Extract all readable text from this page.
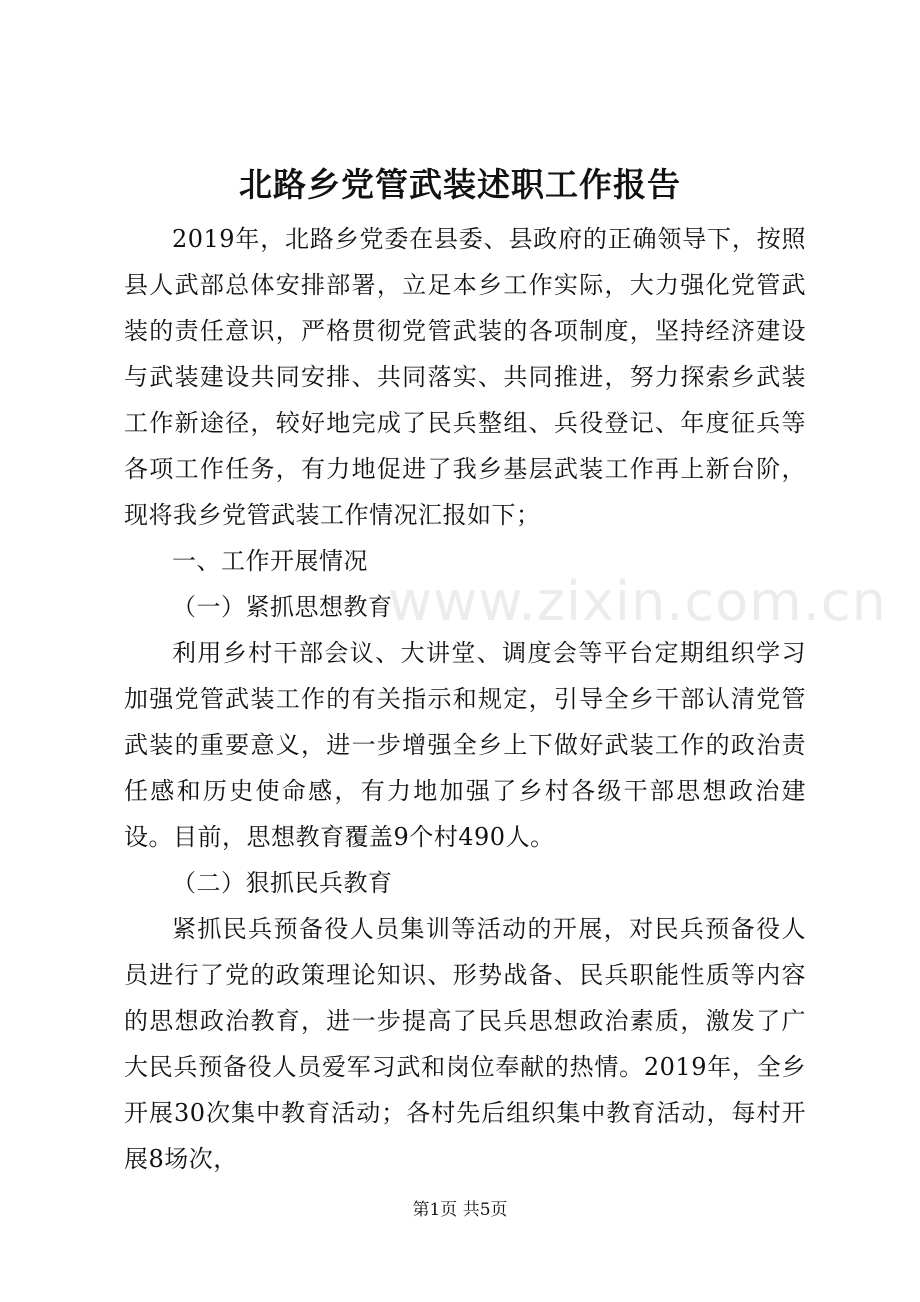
北路乡党管武装述职工作报告

2019年，北路乡党委在县委、县政府的正确领导下，按照县人武部总体安排部署，立足本乡工作实际，大力强化党管武装的责任意识，严格贯彻党管武装的各项制度，坚持经济建设与武装建设共同安排、共同落实、共同推进，努力探索乡武装工作新途径，较好地完成了民兵整组、兵役登记、年度征兵等各项工作任务，有力地促进了我乡基层武装工作再上新台阶，现将我乡党管武装工作情况汇报如下；

一、工作开展情况

（一）紧抓思想教育

利用乡村干部会议、大讲堂、调度会等平台定期组织学习加强党管武装工作的有关指示和规定，引导全乡干部认清党管武装的重要意义，进一步增强全乡上下做好武装工作的政治责任感和历史使命感，有力地加强了乡村各级干部思想政治建设。目前，思想教育覆盖9个村490人。

（二）狠抓民兵教育

紧抓民兵预备役人员集训等活动的开展，对民兵预备役人员进行了党的政策理论知识、形势战备、民兵职能性质等内容的思想政治教育，进一步提高了民兵思想政治素质，激发了广大民兵预备役人员爱军习武和岗位奉献的热情。2019年，全乡开展30次集中教育活动；各村先后组织集中教育活动，每村开展8场次，

www.zixin.com.cn
第1页 共5页
